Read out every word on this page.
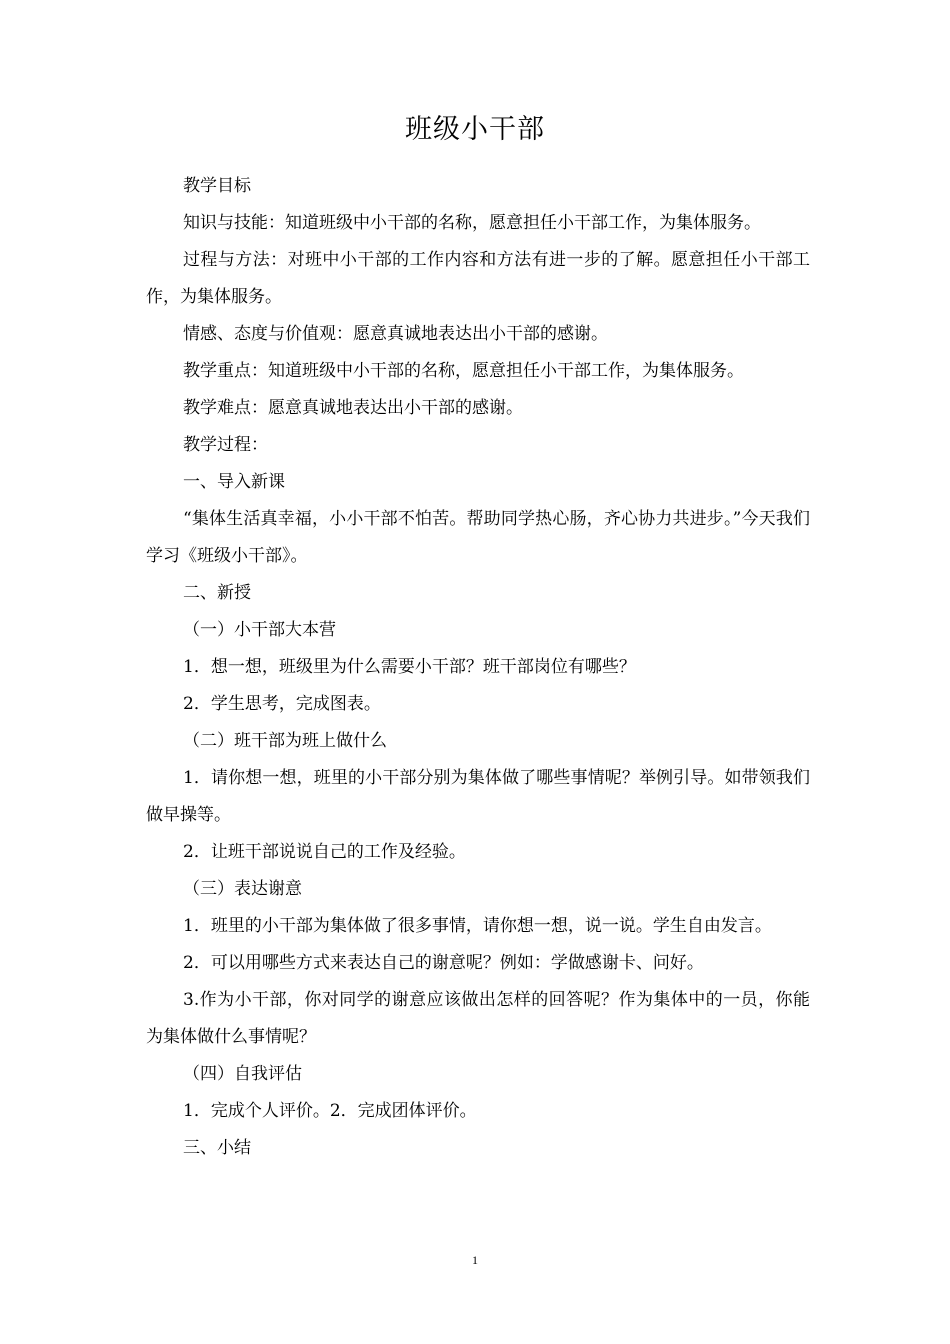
班级小干部

教学目标

知识与技能：知道班级中小干部的名称，愿意担任小干部工作，为集体服务。

过程与方法：对班中小干部的工作内容和方法有进一步的了解。愿意担任小干部工作，为集体服务。

情感、态度与价值观：愿意真诚地表达出小干部的感谢。

教学重点：知道班级中小干部的名称，愿意担任小干部工作，为集体服务。

教学难点：愿意真诚地表达出小干部的感谢。

教学过程：

一、导入新课

“集体生活真幸福，小小干部不怕苦。帮助同学热心肠，齐心协力共进步。”今天我们学习《班级小干部》。

二、新授

（一）小干部大本营

1．想一想，班级里为什么需要小干部？班干部岗位有哪些？

2．学生思考，完成图表。

（二）班干部为班上做什么

1．请你想一想，班里的小干部分别为集体做了哪些事情呢？举例引导。如带领我们做早操等。

2．让班干部说说自己的工作及经验。

（三）表达谢意

1．班里的小干部为集体做了很多事情，请你想一想，说一说。学生自由发言。

2．可以用哪些方式来表达自己的谢意呢？例如：学做感谢卡、问好。

3.作为小干部，你对同学的谢意应该做出怎样的回答呢？作为集体中的一员，你能为集体做什么事情呢？

（四）自我评估

1．完成个人评价。2．完成团体评价。

三、小结

1
